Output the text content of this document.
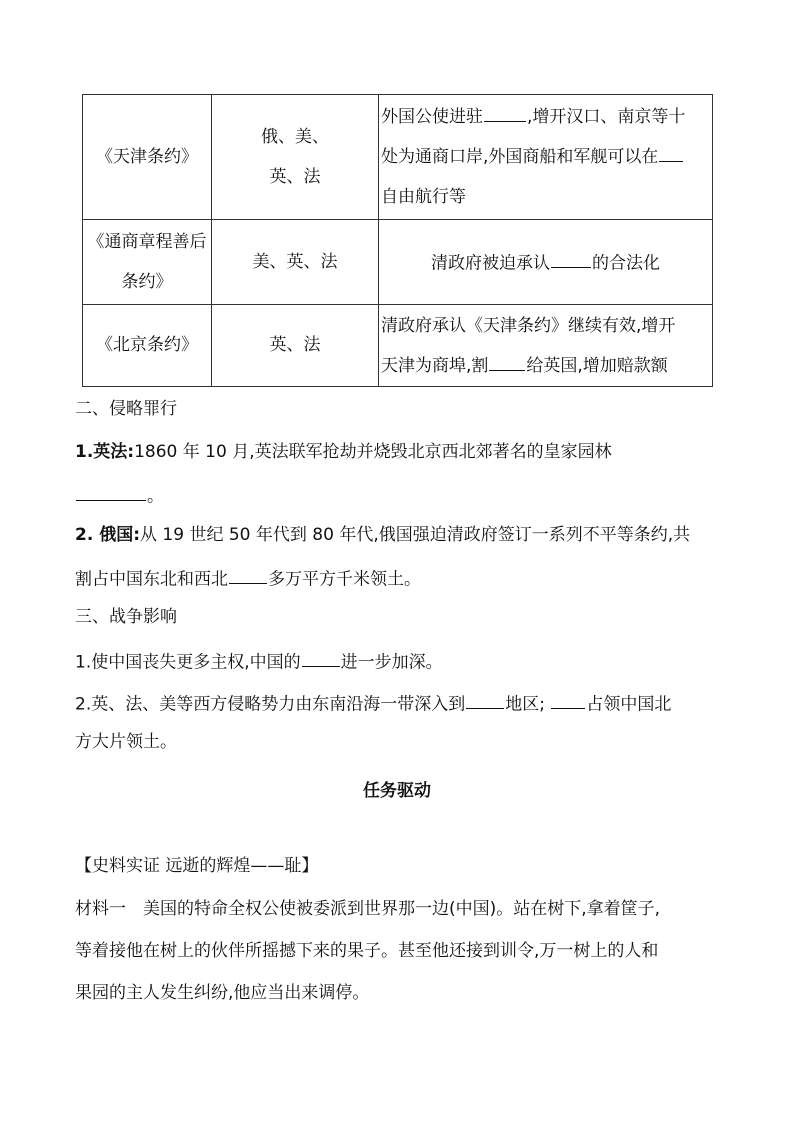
《天津条约》	俄、美、
英、法	外国公使进驻 ,增开汉口、南京等十
处为通商口岸,外国商船和军舰可以在
自由航行等

《通商章程善后
条约》	美、英、法	清政府被迫承认 的合法化
《北京条约》	英、法	清政府承认《天津条约》继续有效,增开
天津为商埠,割 给英国,增加赔款额
二、侵略罪行
1.英法:1860 年 10 月,英法联军抢劫并烧毁北京西北郊著名的皇家园林
。
2. 俄国:从 19 世纪 50 年代到 80 年代,俄国强迫清政府签订一系列不平等条约,共
割占中国东北和西北 多万平方千米领土。
三、战争影响
1.使中国丧失更多主权,中国的 进一步加深。
2.英、法、美等西方侵略势力由东南沿海一带深入到 地区; 占领中国北
方大片领土。
任务驱动
【史料实证 远逝的辉煌——耻】
材料一　美国的特命全权公使被委派到世界那一边(中国)。站在树下,拿着筐子,
等着接他在树上的伙伴所摇撼下来的果子。甚至他还接到训令,万一树上的人和
果园的主人发生纠纷,他应当出来调停。
